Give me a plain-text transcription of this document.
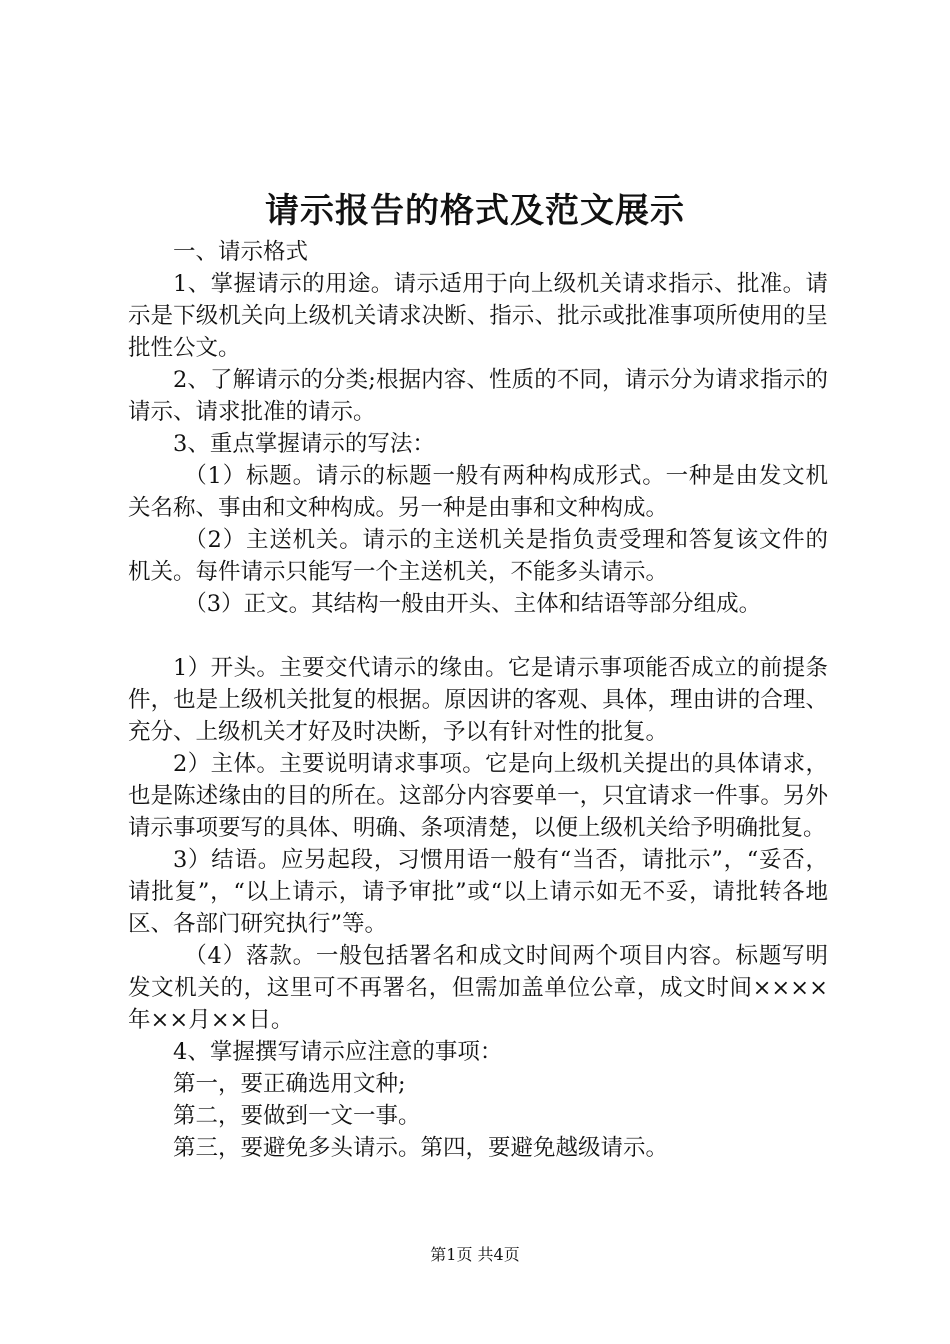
请示报告的格式及范文展示

一、请示格式

1、掌握请示的用途。请示适用于向上级机关请求指示、批准。请示是下级机关向上级机关请求决断、指示、批示或批准事项所使用的呈批性公文。

2、了解请示的分类;根据内容、性质的不同，请示分为请求指示的请示、请求批准的请示。

3、重点掌握请示的写法：

（1）标题。请示的标题一般有两种构成形式。一种是由发文机关名称、事由和文种构成。另一种是由事和文种构成。

（2）主送机关。请示的主送机关是指负责受理和答复该文件的机关。每件请示只能写一个主送机关，不能多头请示。

（3）正文。其结构一般由开头、主体和结语等部分组成。

1）开头。主要交代请示的缘由。它是请示事项能否成立的前提条件，也是上级机关批复的根据。原因讲的客观、具体，理由讲的合理、充分、上级机关才好及时决断，予以有针对性的批复。

2）主体。主要说明请求事项。它是向上级机关提出的具体请求，也是陈述缘由的目的所在。这部分内容要单一，只宜请求一件事。另外请示事项要写的具体、明确、条项清楚，以便上级机关给予明确批复。

3）结语。应另起段，习惯用语一般有“当否，请批示”，“妥否，请批复”，“以上请示，请予审批”或“以上请示如无不妥，请批转各地区、各部门研究执行”等。

（4）落款。一般包括署名和成文时间两个项目内容。标题写明发文机关的，这里可不再署名，但需加盖单位公章，成文时间××××年××月××日。

4、掌握撰写请示应注意的事项：

第一，要正确选用文种;

第二，要做到一文一事。

第三，要避免多头请示。第四，要避免越级请示。

第1页 共4页
